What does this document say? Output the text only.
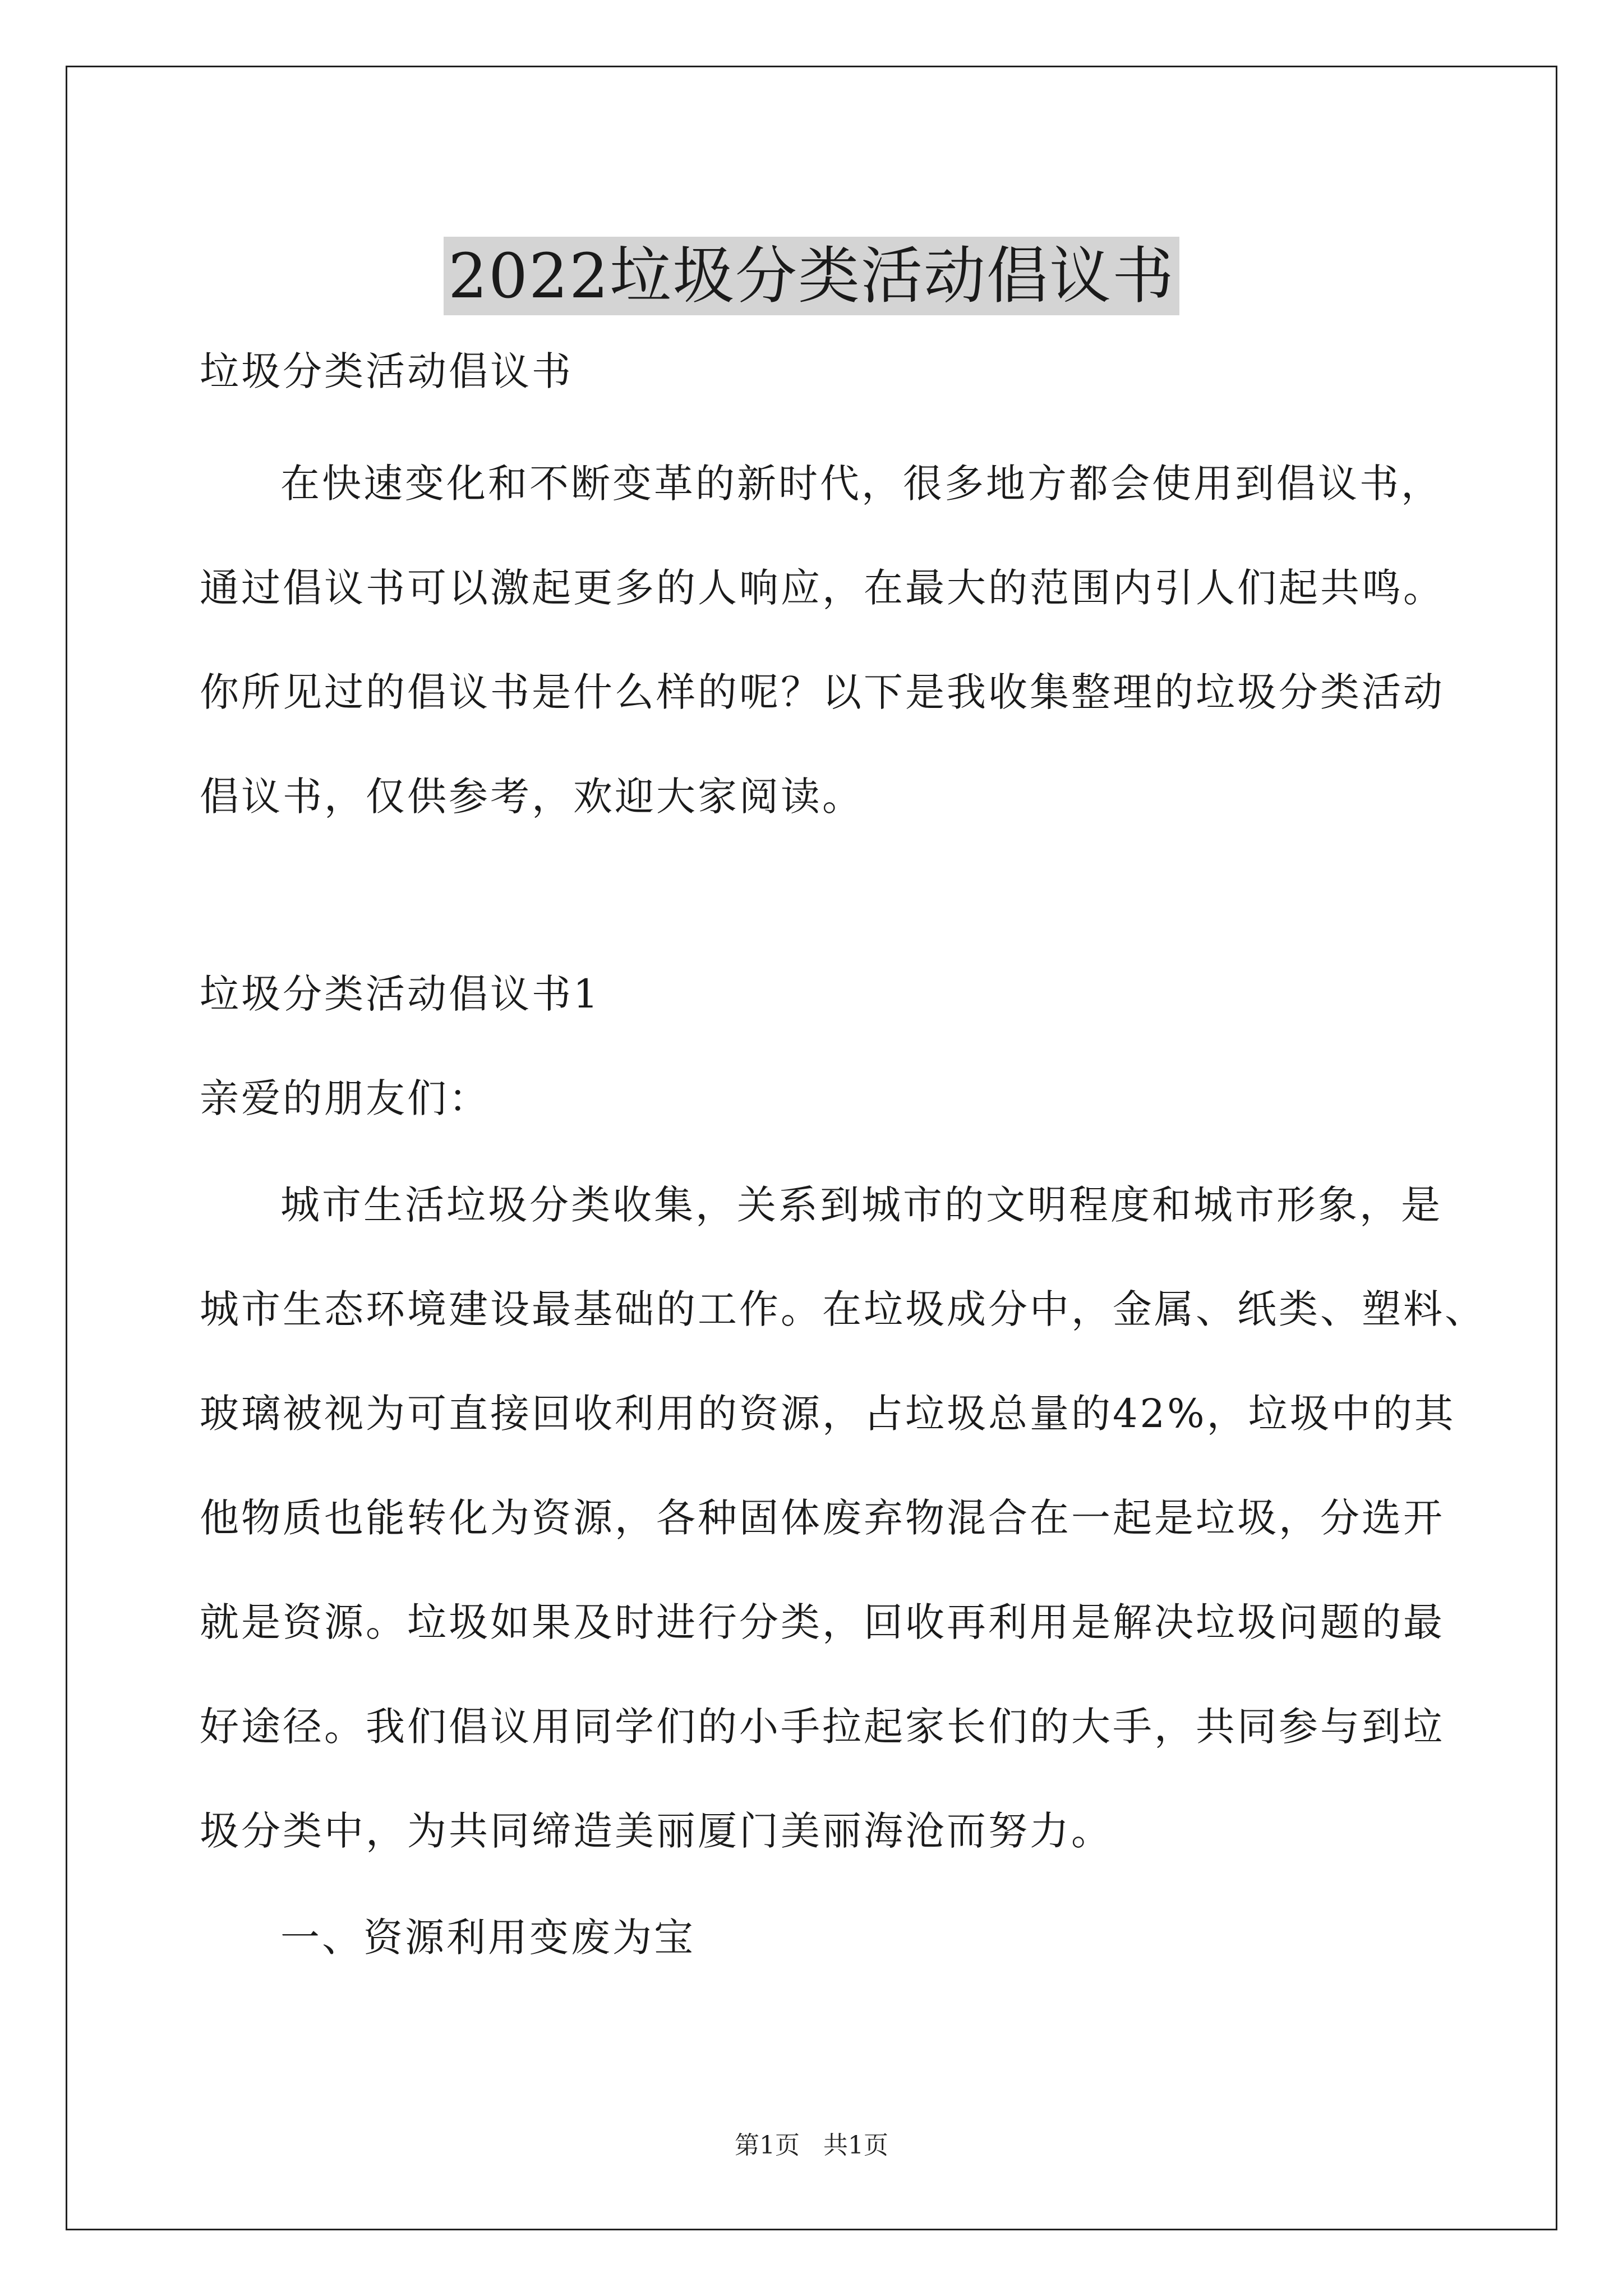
2022垃圾分类活动倡议书
垃圾分类活动倡议书
在快速变化和不断变革的新时代，很多地方都会使用到倡议书，
通过倡议书可以激起更多的人响应，在最大的范围内引人们起共鸣。
你所见过的倡议书是什么样的呢？以下是我收集整理的垃圾分类活动
倡议书，仅供参考，欢迎大家阅读。
垃圾分类活动倡议书1
亲爱的朋友们：
城市生活垃圾分类收集，关系到城市的文明程度和城市形象，是
城市生态环境建设最基础的工作。在垃圾成分中，金属、纸类、塑料、
玻璃被视为可直接回收利用的资源，占垃圾总量的42%，垃圾中的其
他物质也能转化为资源，各种固体废弃物混合在一起是垃圾，分选开
就是资源。垃圾如果及时进行分类，回收再利用是解决垃圾问题的最
好途径。我们倡议用同学们的小手拉起家长们的大手，共同参与到垃
圾分类中，为共同缔造美丽厦门美丽海沧而努力。
一、资源利用变废为宝
第1页 共1页
